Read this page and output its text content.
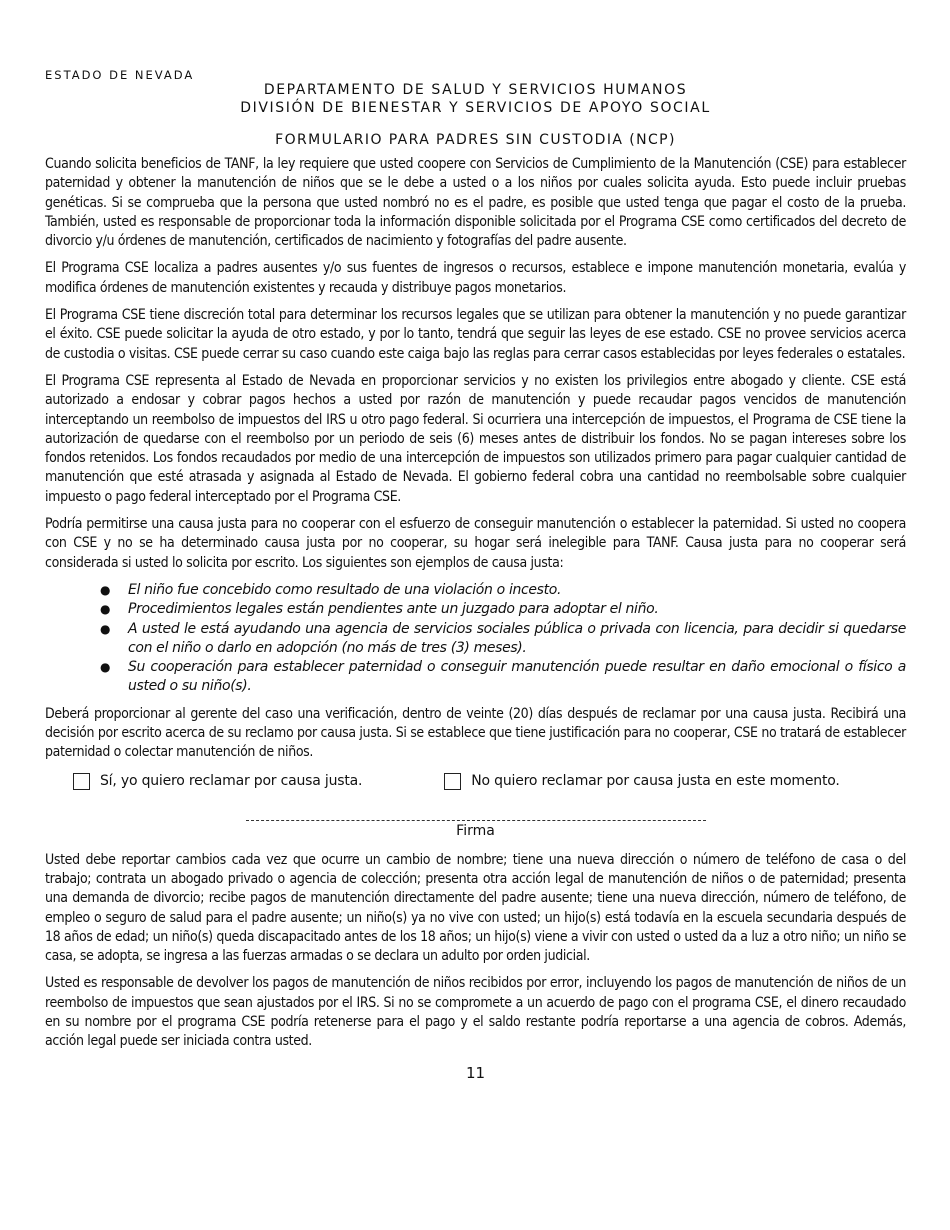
ESTADO DE NEVADA
DEPARTAMENTO DE SALUD Y SERVICIOS HUMANOS
DIVISIÓN DE BIENESTAR Y SERVICIOS DE APOYO SOCIAL
FORMULARIO PARA PADRES SIN CUSTODIA (NCP)

Cuando solicita beneficios de TANF, la ley requiere que usted coopere con Servicios de Cumplimiento de la Manutención (CSE) para establecer paternidad y obtener la manutención de niños que se le debe a usted o a los niños por cuales solicita ayuda. Esto puede incluir pruebas genéticas. Si se comprueba que la persona que usted nombró no es el padre, es posible que usted tenga que pagar el costo de la prueba. También, usted es responsable de proporcionar toda la información disponible solicitada por el Programa CSE como certificados del decreto de divorcio y/u órdenes de manutención, certificados de nacimiento y fotografías del padre ausente.

El Programa CSE localiza a padres ausentes y/o sus fuentes de ingresos o recursos, establece e impone manutención monetaria, evalúa y modifica órdenes de manutención existentes y recauda y distribuye pagos monetarios.

El Programa CSE tiene discreción total para determinar los recursos legales que se utilizan para obtener la manutención y no puede garantizar el éxito. CSE puede solicitar la ayuda de otro estado, y por lo tanto, tendrá que seguir las leyes de ese estado. CSE no provee servicios acerca de custodia o visitas. CSE puede cerrar su caso cuando este caiga bajo las reglas para cerrar casos establecidas por leyes federales o estatales.

El Programa CSE representa al Estado de Nevada en proporcionar servicios y no existen los privilegios entre abogado y cliente. CSE está autorizado a endosar y cobrar pagos hechos a usted por razón de manutención y puede recaudar pagos vencidos de manutención interceptando un reembolso de impuestos del IRS u otro pago federal. Si ocurriera una intercepción de impuestos, el Programa de CSE tiene la autorización de quedarse con el reembolso por un periodo de seis (6) meses antes de distribuir los fondos. No se pagan intereses sobre los fondos retenidos. Los fondos recaudados por medio de una intercepción de impuestos son utilizados primero para pagar cualquier cantidad de manutención que esté atrasada y asignada al Estado de Nevada. El gobierno federal cobra una cantidad no reembolsable sobre cualquier impuesto o pago federal interceptado por el Programa CSE.

Podría permitirse una causa justa para no cooperar con el esfuerzo de conseguir manutención o establecer la paternidad. Si usted no coopera con CSE y no se ha determinado causa justa por no cooperar, su hogar será inelegible para TANF. Causa justa para no cooperar será considerada si usted lo solicita por escrito. Los siguientes son ejemplos de causa justa:

● El niño fue concebido como resultado de una violación o incesto.
● Procedimientos legales están pendientes ante un juzgado para adoptar el niño.
● A usted le está ayudando una agencia de servicios sociales pública o privada con licencia, para decidir si quedarse con el niño o darlo en adopción (no más de tres (3) meses).
● Su cooperación para establecer paternidad o conseguir manutención puede resultar en daño emocional o físico a usted o su niño(s).

Deberá proporcionar al gerente del caso una verificación, dentro de veinte (20) días después de reclamar por una causa justa. Recibirá una decisión por escrito acerca de su reclamo por causa justa. Si se establece que tiene justificación para no cooperar, CSE no tratará de establecer paternidad o colectar manutención de niños.

Sí, yo quiero reclamar por causa justa.	No quiero reclamar por causa justa en este momento.
Firma

Usted debe reportar cambios cada vez que ocurre un cambio de nombre; tiene una nueva dirección o número de teléfono de casa o del trabajo; contrata un abogado privado o agencia de colección; presenta otra acción legal de manutención de niños o de paternidad; presenta una demanda de divorcio; recibe pagos de manutención directamente del padre ausente; tiene una nueva dirección, número de teléfono, de empleo o seguro de salud para el padre ausente; un niño(s) ya no vive con usted; un hijo(s) está todavía en la escuela secundaria después de 18 años de edad; un niño(s) queda discapacitado antes de los 18 años; un hijo(s) viene a vivir con usted o usted da a luz a otro niño; un niño se casa, se adopta, se ingresa a las fuerzas armadas o se declara un adulto por orden judicial.

Usted es responsable de devolver los pagos de manutención de niños recibidos por error, incluyendo los pagos de manutención de niños de un reembolso de impuestos que sean ajustados por el IRS. Si no se compromete a un acuerdo de pago con el programa CSE, el dinero recaudado en su nombre por el programa CSE podría retenerse para el pago y el saldo restante podría reportarse a una agencia de cobros. Además, acción legal puede ser iniciada contra usted.

11
